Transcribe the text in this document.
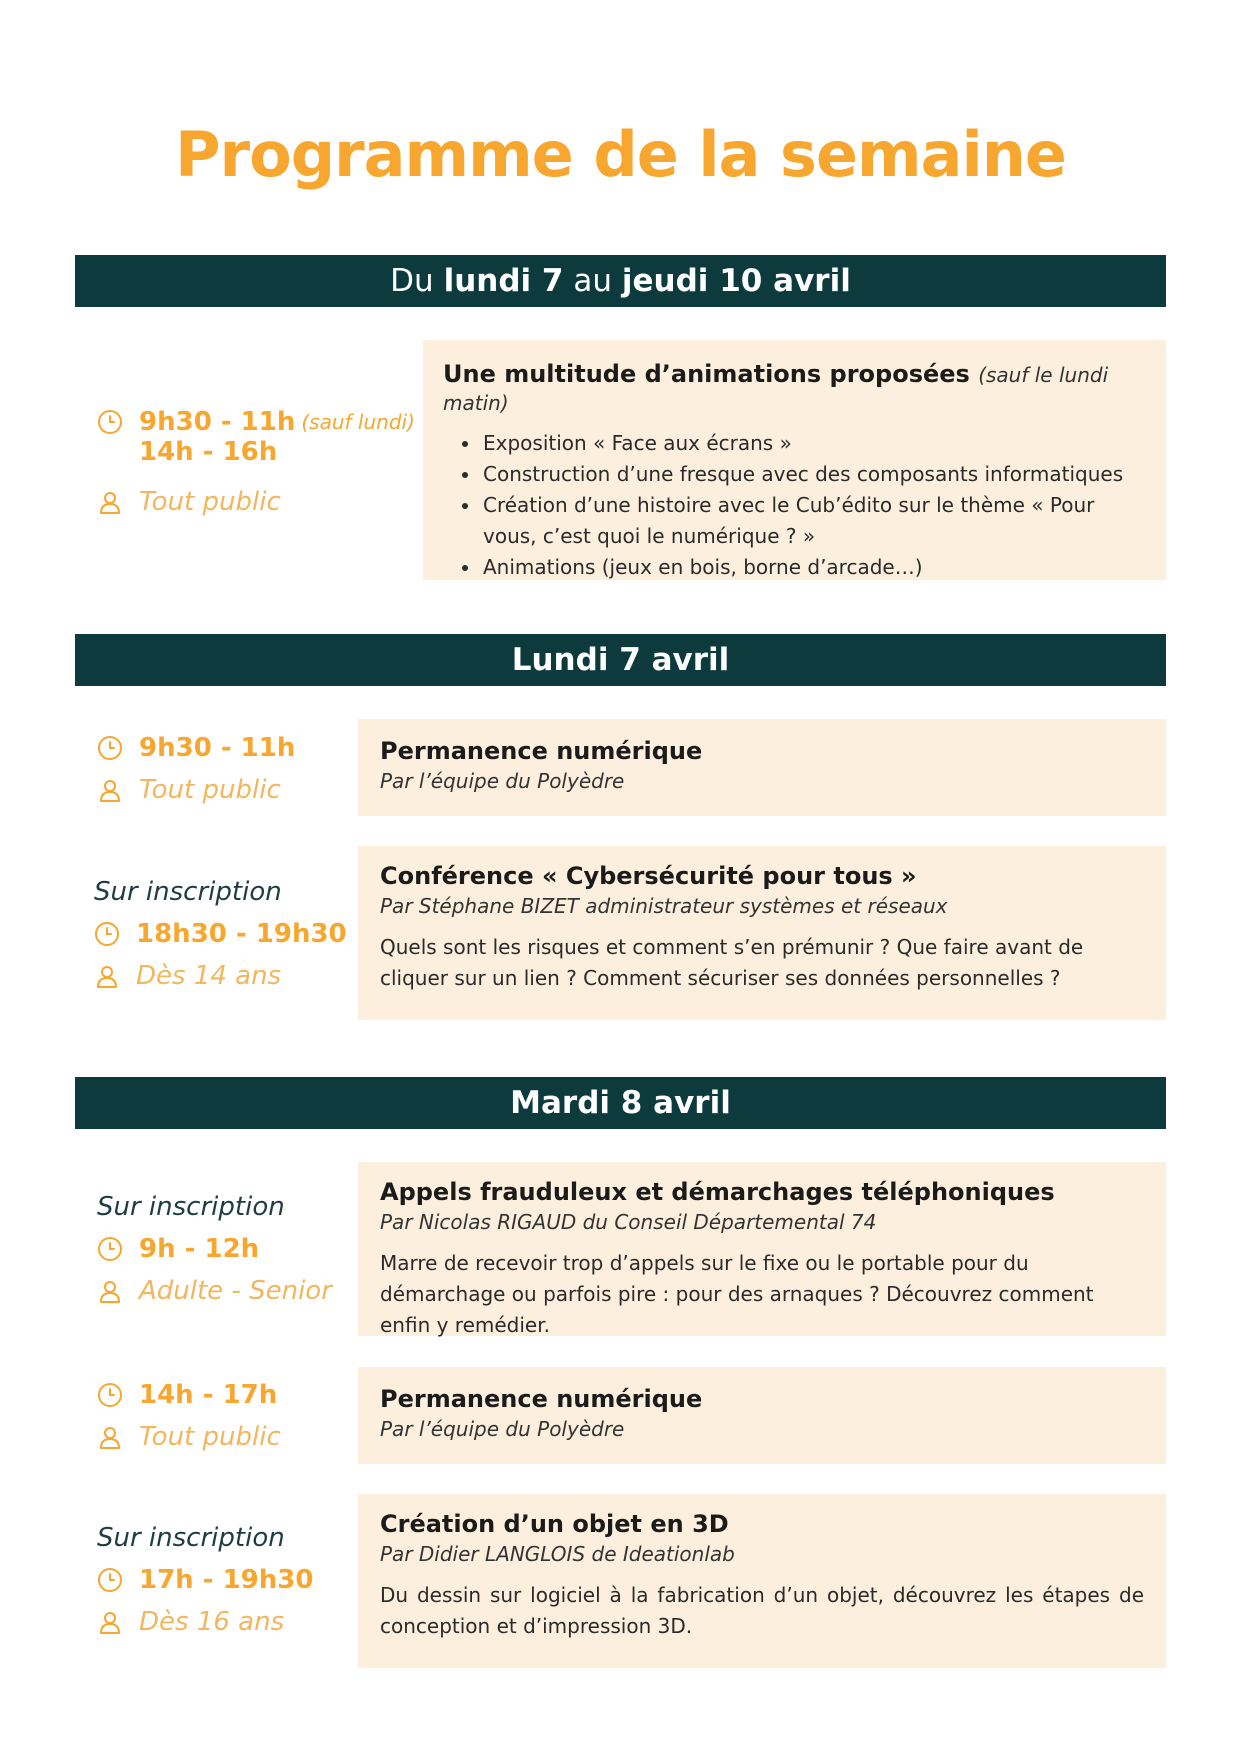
Programme de la semaine
Du lundi 7 au jeudi 10 avril
9h30 - 11h (sauf lundi)
14h - 16h
Tout public
Une multitude d’animations proposées (sauf le lundi matin)
• Exposition « Face aux écrans »
• Construction d’une fresque avec des composants informatiques
• Création d’une histoire avec le Cub’édito sur le thème « Pour vous, c’est quoi le numérique ? »
• Animations (jeux en bois, borne d’arcade…)
Lundi 7 avril
9h30 - 11h
Tout public
Permanence numérique
Par l’équipe du Polyèdre
Sur inscription
18h30 - 19h30
Dès 14 ans
Conférence « Cybersécurité pour tous »
Par Stéphane BIZET administrateur systèmes et réseaux
Quels sont les risques et comment s’en prémunir ? Que faire avant de cliquer sur un lien ? Comment sécuriser ses données personnelles ?
Mardi 8 avril
Sur inscription
9h - 12h
Adulte - Senior
Appels frauduleux et démarchages téléphoniques
Par Nicolas RIGAUD du Conseil Départemental 74
Marre de recevoir trop d’appels sur le fixe ou le portable pour du démarchage ou parfois pire : pour des arnaques ? Découvrez comment enfin y remédier.
14h - 17h
Tout public
Permanence numérique
Par l’équipe du Polyèdre
Sur inscription
17h - 19h30
Dès 16 ans
Création d’un objet en 3D
Par Didier LANGLOIS de Ideationlab
Du dessin sur logiciel à la fabrication d’un objet, découvrez les étapes de conception et d’impression 3D.
